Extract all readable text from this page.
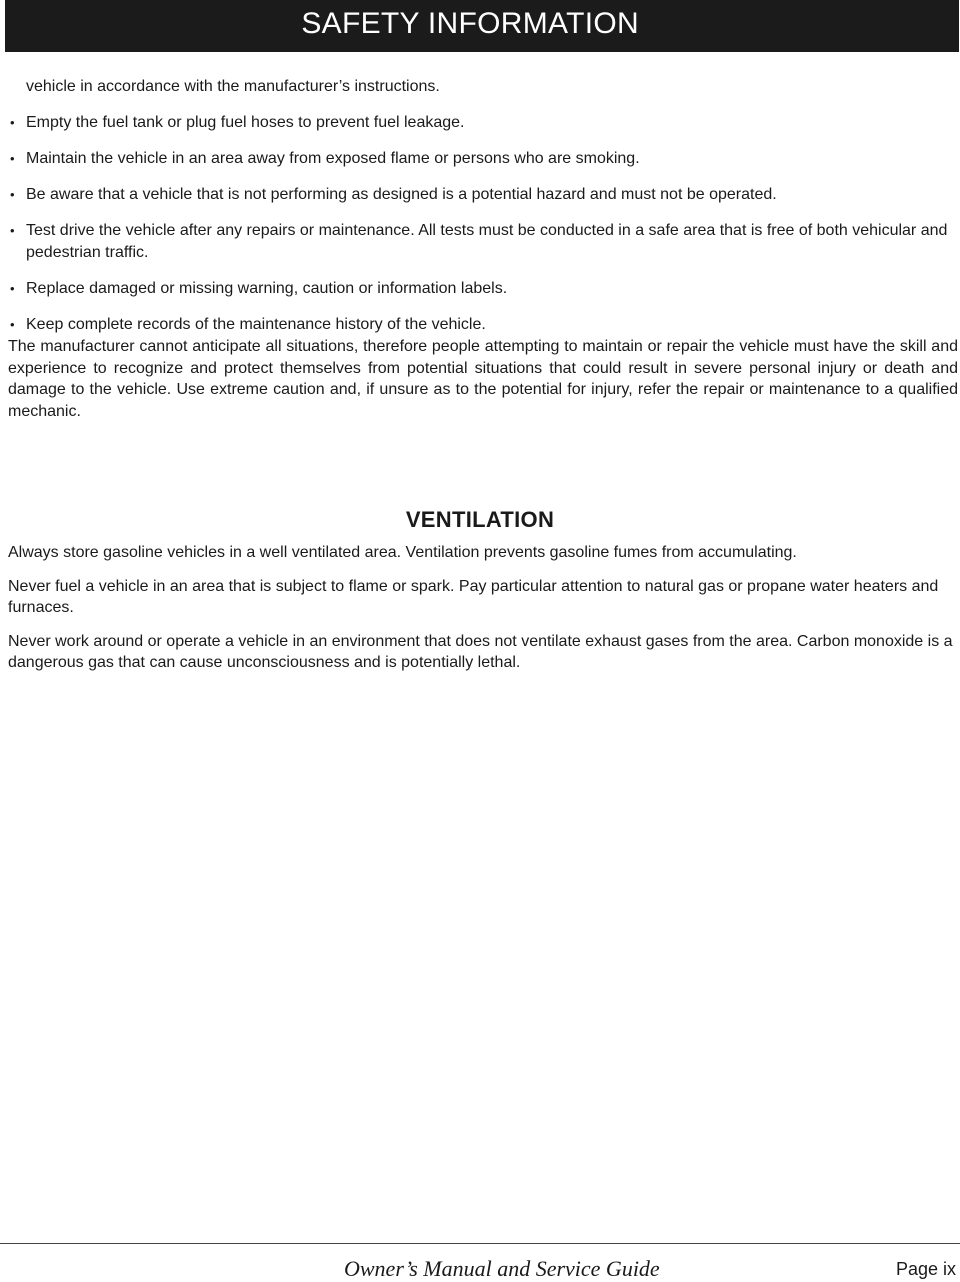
SAFETY INFORMATION

vehicle in accordance with the manufacturer’s instructions.

• Empty the fuel tank or plug fuel hoses to prevent fuel leakage.
• Maintain the vehicle in an area away from exposed flame or persons who are smoking.
• Be aware that a vehicle that is not performing as designed is a potential hazard and must not be operated.
• Test drive the vehicle after any repairs or maintenance. All tests must be conducted in a safe area that is free of both vehicular and pedestrian traffic.
• Replace damaged or missing warning, caution or information labels.
• Keep complete records of the maintenance history of the vehicle.

The manufacturer cannot anticipate all situations, therefore people attempting to maintain or repair the vehicle must have the skill and experience to recognize and protect themselves from potential situations that could result in severe personal injury or death and damage to the vehicle. Use extreme caution and, if unsure as to the potential for injury, refer the repair or maintenance to a qualified mechanic.

VENTILATION

Always store gasoline vehicles in a well ventilated area. Ventilation prevents gasoline fumes from accumulating.

Never fuel a vehicle in an area that is subject to flame or spark. Pay particular attention to natural gas or propane water heaters and furnaces.

Never work around or operate a vehicle in an environment that does not ventilate exhaust gases from the area. Carbon monoxide is a dangerous gas that can cause unconsciousness and is potentially lethal.

Owner’s Manual and Service Guide	Page ix
